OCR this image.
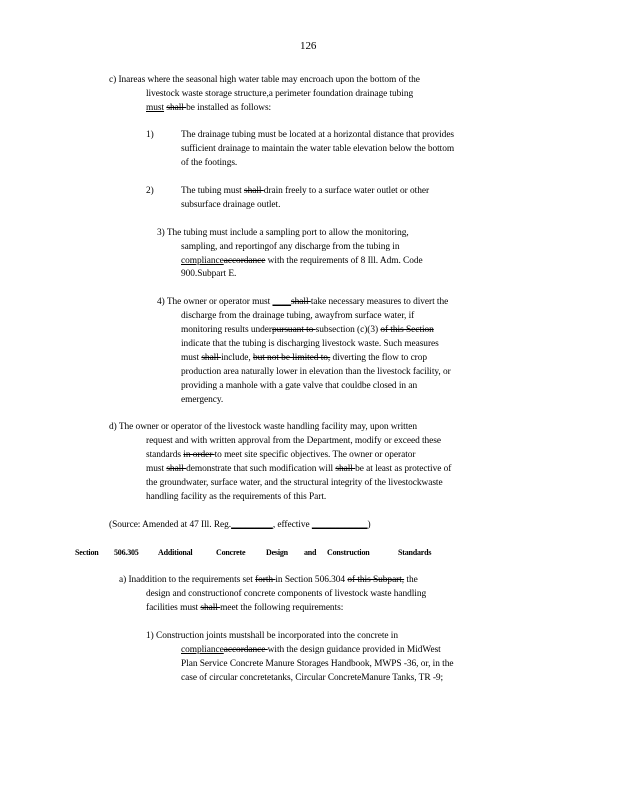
126
c) Inareas where the seasonal high water table may encroach upon the bottom of the
livestock waste storage structure,a perimeter foundation drainage tubing
must shall be installed as follows:
1)	The drainage tubing must be located at a horizontal distance that provides
sufficient drainage to maintain the water table elevation below the bottom
of the footings.
2)	The tubing must shall drain freely to a surface water outlet or other
subsurface drainage outlet.
3) The tubing must include a sampling port to allow the monitoring,
sampling, and reportingof any discharge from the tubing in
complianceaccordance with the requirements of 8 Ill. Adm. Code
900.Subpart E.
4) The owner or operator must ____shall take necessary measures to divert the
discharge from the drainage tubing, awayfrom surface water, if
monitoring results underpursuant to subsection (c)(3) of this Section
indicate that the tubing is discharging livestock waste. Such measures
must shall include, but not be limited to, diverting the flow to crop
production area naturally lower in elevation than the livestock facility, or
providing a manhole with a gate valve that couldbe closed in an
emergency.
d) The owner or operator of the livestock waste handling facility may, upon written
request and with written approval from the Department, modify or exceed these
standards in order to meet site specific objectives. The owner or operator
must shall demonstrate that such modification will shall be at least as protective of
the groundwater, surface water, and the structural integrity of the livestockwaste
handling facility as the requirements of this Part.
(Source: Amended at 47 Ill. Reg._________, effective ____________)
Section 506.305 Additional	Concrete	Design and Construction	Standards
a) Inaddition to the requirements set forth in Section 506.304 of this Subpart, the
design and constructionof concrete components of livestock waste handling
facilities must shall meet the following requirements:
1) Construction joints mustshall be incorporated into the concrete in
complianceaccordance with the design guidance provided in MidWest
Plan Service Concrete Manure Storages Handbook, MWPS -36, or, in the
case of circular concretetanks, Circular ConcreteManure Tanks, TR -9;
